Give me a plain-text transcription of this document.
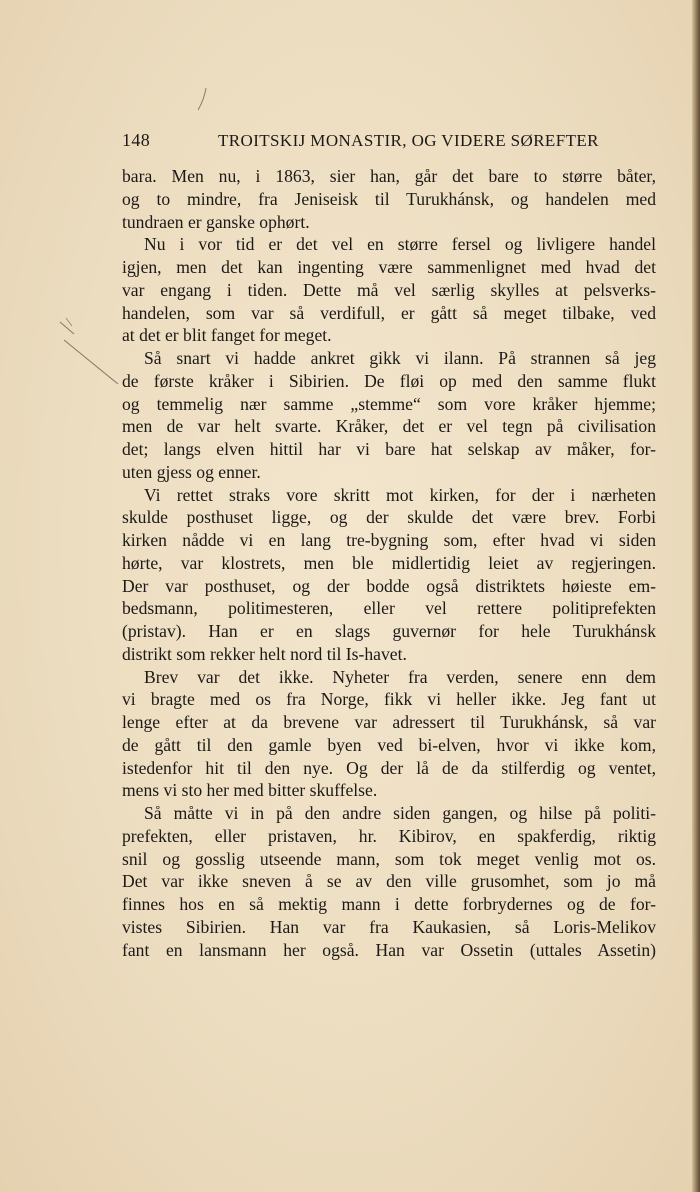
148	TROITSKIJ MONASTIR, OG VIDERE SØREFTER
bara. Men nu, i 1863, sier han, går det bare to større båter,
og to mindre, fra Jeniseisk til Turukhánsk, og handelen med
tundraen er ganske ophørt.
Nu i vor tid er det vel en større fersel og livligere handel
igjen, men det kan ingenting være sammenlignet med hvad det
var engang i tiden. Dette må vel særlig skylles at pelsverks-
handelen, som var så verdifull, er gått så meget tilbake, ved
at det er blit fanget for meget.
Så snart vi hadde ankret gikk vi ilann. På strannen så jeg
de første kråker i Sibirien. De fløi op med den samme flukt
og temmelig nær samme „stemme“ som vore kråker hjemme;
men de var helt svarte. Kråker, det er vel tegn på civilisation
det; langs elven hittil har vi bare hat selskap av måker, for-
uten gjess og enner.
Vi rettet straks vore skritt mot kirken, for der i nærheten
skulde posthuset ligge, og der skulde det være brev. Forbi
kirken nådde vi en lang tre-bygning som, efter hvad vi siden
hørte, var klostrets, men ble midlertidig leiet av regjeringen.
Der var posthuset, og der bodde også distriktets høieste em-
bedsmann, politimesteren, eller vel rettere politiprefekten
(pristav). Han er en slags guvernør for hele Turukhánsk
distrikt som rekker helt nord til Is-havet.
Brev var det ikke. Nyheter fra verden, senere enn dem
vi bragte med os fra Norge, fikk vi heller ikke. Jeg fant ut
lenge efter at da brevene var adressert til Turukhánsk, så var
de gått til den gamle byen ved bi-elven, hvor vi ikke kom,
istedenfor hit til den nye. Og der lå de da stilferdig og ventet,
mens vi sto her med bitter skuffelse.
Så måtte vi in på den andre siden gangen, og hilse på politi-
prefekten, eller pristaven, hr. Kibirov, en spakferdig, riktig
snil og gosslig utseende mann, som tok meget venlig mot os.
Det var ikke sneven å se av den ville grusomhet, som jo må
finnes hos en så mektig mann i dette forbrydernes og de for-
vistes Sibirien. Han var fra Kaukasien, så Loris-Melikov
fant en lansmann her også. Han var Ossetin (uttales Assetin)
